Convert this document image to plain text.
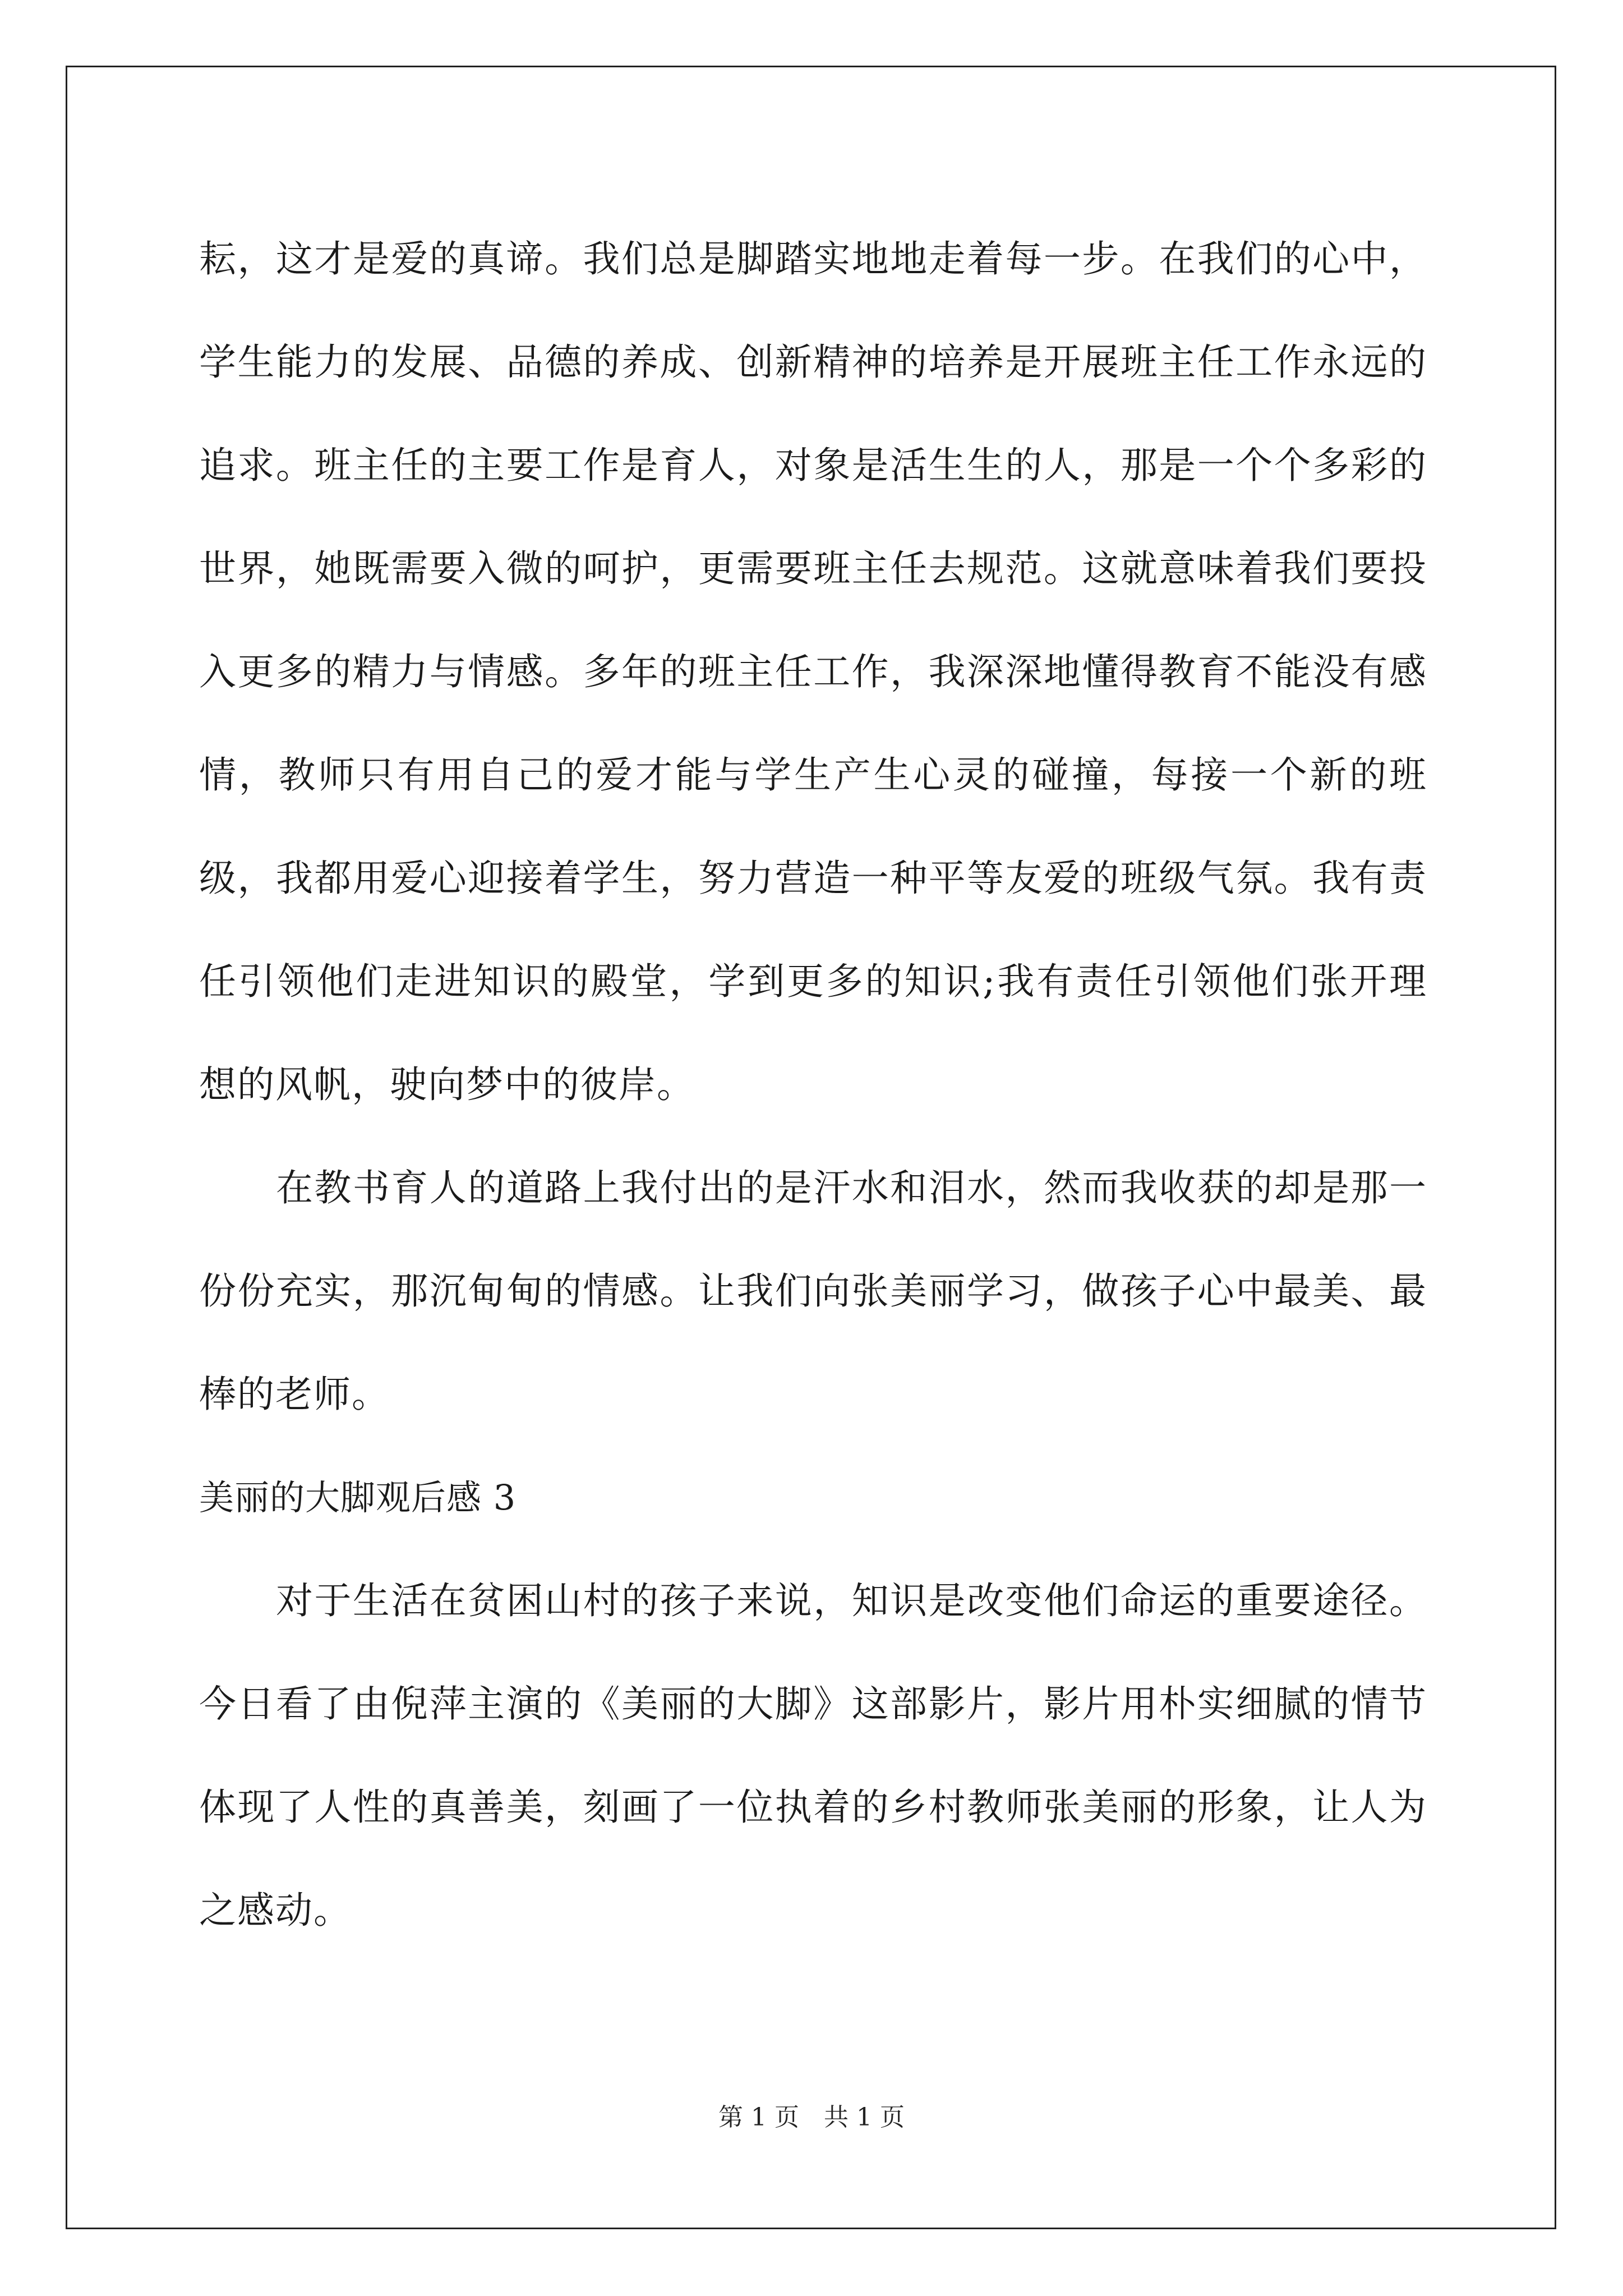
耘，这才是爱的真谛。我们总是脚踏实地地走着每一步。在我们的心中，学生能力的发展、品德的养成、创新精神的培养是开展班主任工作永远的追求。班主任的主要工作是育人，对象是活生生的人，那是一个个多彩的世界，她既需要入微的呵护，更需要班主任去规范。这就意味着我们要投入更多的精力与情感。多年的班主任工作，我深深地懂得教育不能没有感情，教师只有用自己的爱才能与学生产生心灵的碰撞，每接一个新的班级，我都用爱心迎接着学生，努力营造一种平等友爱的班级气氛。我有责任引领他们走进知识的殿堂，学到更多的知识;我有责任引领他们张开理想的风帆，驶向梦中的彼岸。

在教书育人的道路上我付出的是汗水和泪水，然而我收获的却是那一份份充实，那沉甸甸的情感。让我们向张美丽学习，做孩子心中最美、最棒的老师。

美丽的大脚观后感 3

对于生活在贫困山村的孩子来说，知识是改变他们命运的重要途径。今日看了由倪萍主演的《美丽的大脚》这部影片，影片用朴实细腻的情节体现了人性的真善美，刻画了一位执着的乡村教师张美丽的形象，让人为之感动。

第 1 页　共 1 页
